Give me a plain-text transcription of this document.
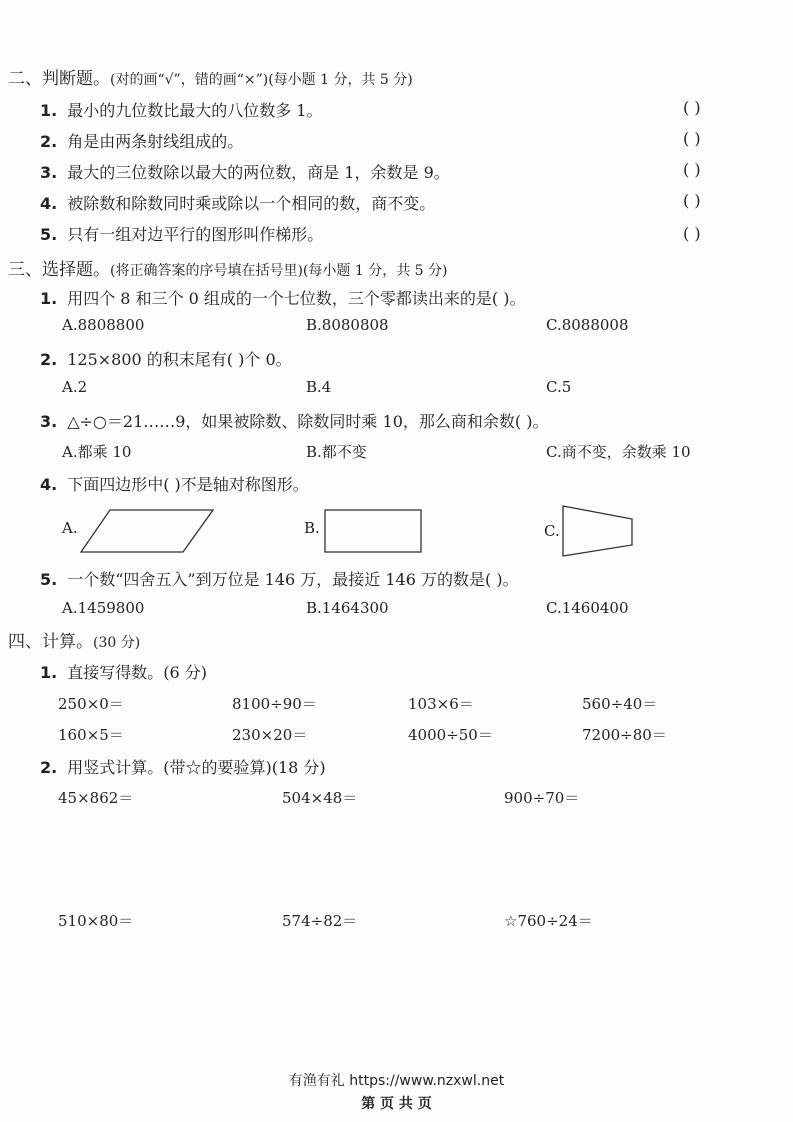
二、判断题。(对的画“√”，错的画“×”)(每小题 1 分，共 5 分)
1. 最小的九位数比最大的八位数多 1。	( )
2. 角是由两条射线组成的。	( )
3. 最大的三位数除以最大的两位数，商是 1，余数是 9。	( )
4. 被除数和除数同时乘或除以一个相同的数，商不变。	( )
5. 只有一组对边平行的图形叫作梯形。	( )
三、选择题。(将正确答案的序号填在括号里)(每小题 1 分，共 5 分)
1. 用四个 8 和三个 0 组成的一个七位数，三个零都读出来的是( )。
A.8808800	B.8080808	C.8088008
2. 125×800 的积末尾有( )个 0。
A.2	B.4	C.5
3. △÷○＝21……9，如果被除数、除数同时乘 10，那么商和余数( )。
A.都乘 10	B.都不变	C.商不变，余数乘 10
4. 下面四边形中( )不是轴对称图形。
A.	B.	C.
5. 一个数“四舍五入”到万位是 146 万，最接近 146 万的数是( )。
A.1459800	B.1464300	C.1460400
四、计算。(30 分)
1. 直接写得数。(6 分)
250×0＝	8100÷90＝	103×6＝	560÷40＝
160×5＝	230×20＝	4000÷50＝	7200÷80＝
2. 用竖式计算。(带☆的要验算)(18 分)
45×862＝	504×48＝	900÷70＝
510×80＝	574÷82＝	☆760÷24＝
有渔有礼 https://www.nzxwl.net
第 页 共 页
